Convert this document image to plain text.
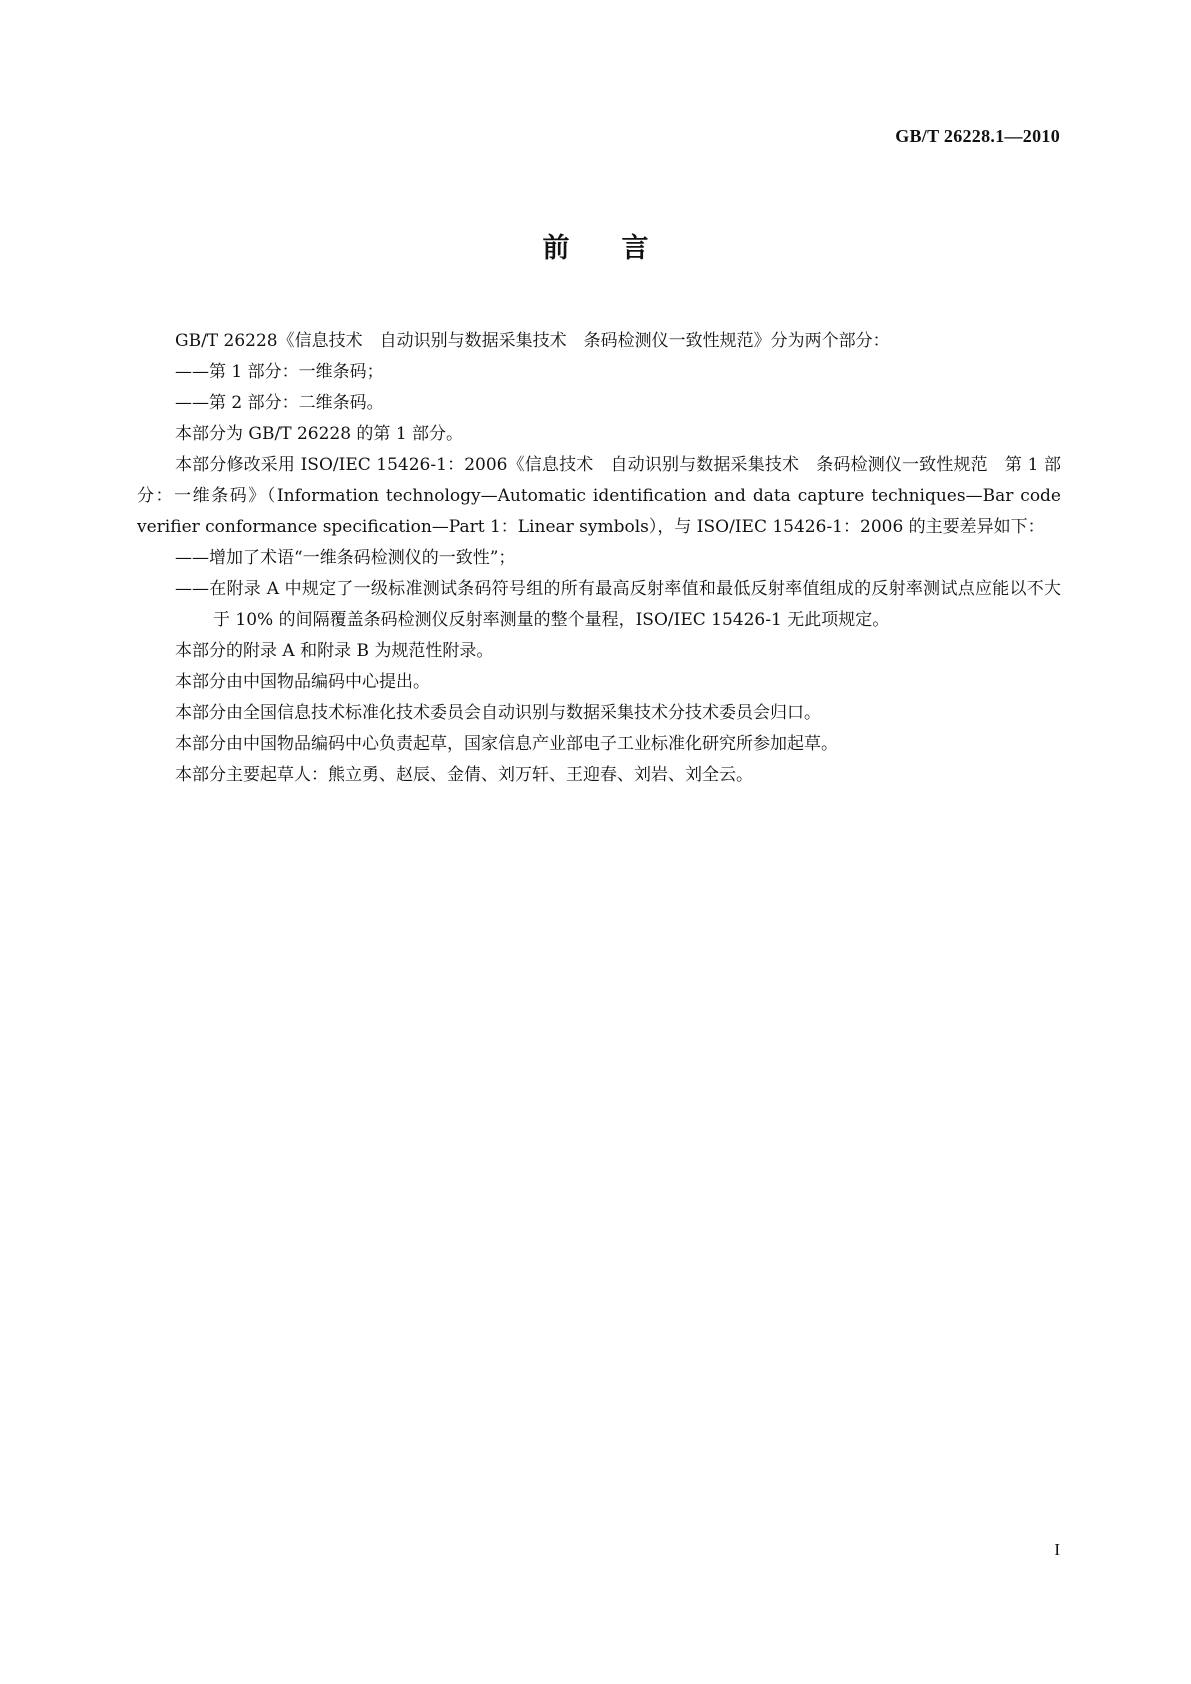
GB/T 26228.1—2010
前言

GB/T 26228《信息技术　自动识别与数据采集技术　条码检测仪一致性规范》分为两个部分：

——第 1 部分：一维条码；

——第 2 部分：二维条码。

本部分为 GB/T 26228 的第 1 部分。

本部分修改采用 ISO/IEC 15426-1：2006《信息技术　自动识别与数据采集技术　条码检测仪一致性规范　第 1 部分：一维条码》（Information technology—Automatic identification and data capture techniques—Bar code verifier conformance specification—Part 1：Linear symbols），与 ISO/IEC 15426-1：2006 的主要差异如下：

——增加了术语“一维条码检测仪的一致性”；

——在附录 A 中规定了一级标准测试条码符号组的所有最高反射率值和最低反射率值组成的反射率测试点应能以不大于 10% 的间隔覆盖条码检测仪反射率测量的整个量程，ISO/IEC 15426-1 无此项规定。

本部分的附录 A 和附录 B 为规范性附录。

本部分由中国物品编码中心提出。

本部分由全国信息技术标准化技术委员会自动识别与数据采集技术分技术委员会归口。

本部分由中国物品编码中心负责起草，国家信息产业部电子工业标准化研究所参加起草。

本部分主要起草人：熊立勇、赵辰、金倩、刘万轩、王迎春、刘岩、刘全云。

I
